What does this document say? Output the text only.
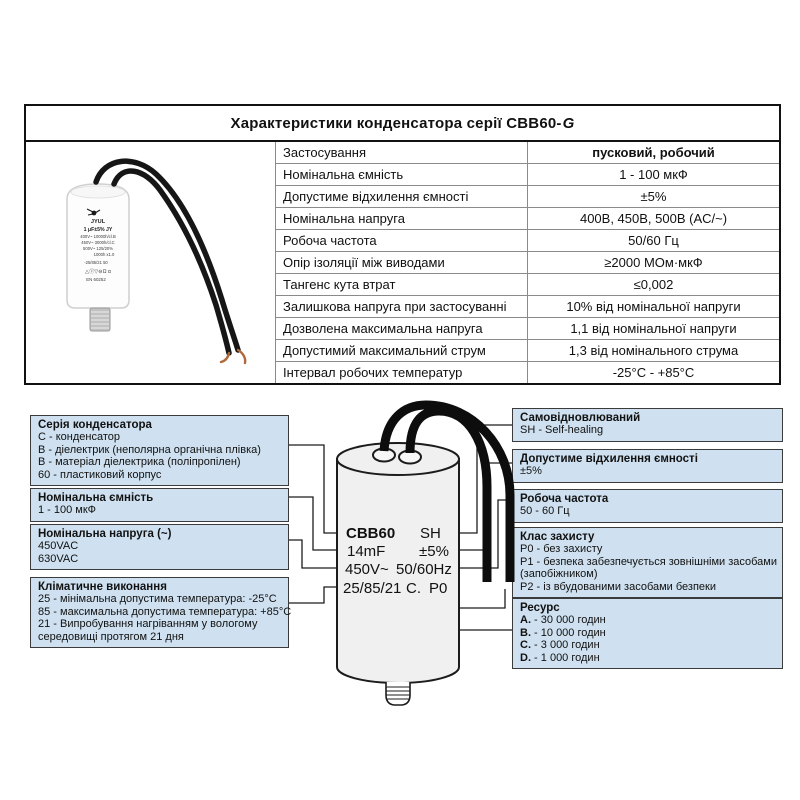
Характеристики конденсатора серії CBB60- G
JYUL
1 μF±5% JY
400V~ 10000h/cl.B
450V~ 3000h/cl.C
500V~ 125/20%
1000h x1.0
-25/85/21 50
△Ⓥ▽⊖Ω α
EN 60252
Застосування	пусковий, робочий
Номінальна ємність	1 - 100 мкФ
Допустиме відхилення ємності	±5%
Номінальна напруга	400В, 450В, 500В (AC/~)
Робоча частота	50/60 Гц
Опір ізоляції між виводами	≥2000 МОм·мкФ
Тангенс кута втрат	≤0,002
Залишкова напруга при застосуванні	10% від номінальної напруги
Дозволена максимальна напруга	1,1 від номінальної напруги
Допустимий максимальний струм	1,3 від номінального струма
Інтервал робочих температур	-25°C - +85°C
Серія конденсатора
C - конденсатор
B - діелектрик (неполярна органічна плівка)
B - матеріал діелектрика (поліпропілен)
60 - пластиковий корпус
Номінальна ємність
1 - 100 мкФ
Номінальна напруга (~)
450VAC
630VAC
Кліматичне виконання
25 - мінімальна допустима температура: -25°C
85 - максимальна допустима температура: +85°C
21 - Випробування нагріванням у вологому
середовищі протягом 21 дня
Самовідновлюваний
SH - Self-healing
Допустиме відхилення ємності
±5%
Робоча частота
50 - 60 Гц
Клас захисту
P0 - без захисту
P1 - безпека забезпечується зовнішніми засобами
(запобіжником)
P2 - із вбудованими засобами безпеки
Ресурс
A. - 30 000 годин
B. - 10 000 годин
C. - 3 000 годин
D. - 1 000 годин
CBB60 SH
14mF ±5%
450V~ 50/60Hz
25/85/21 C. P0
